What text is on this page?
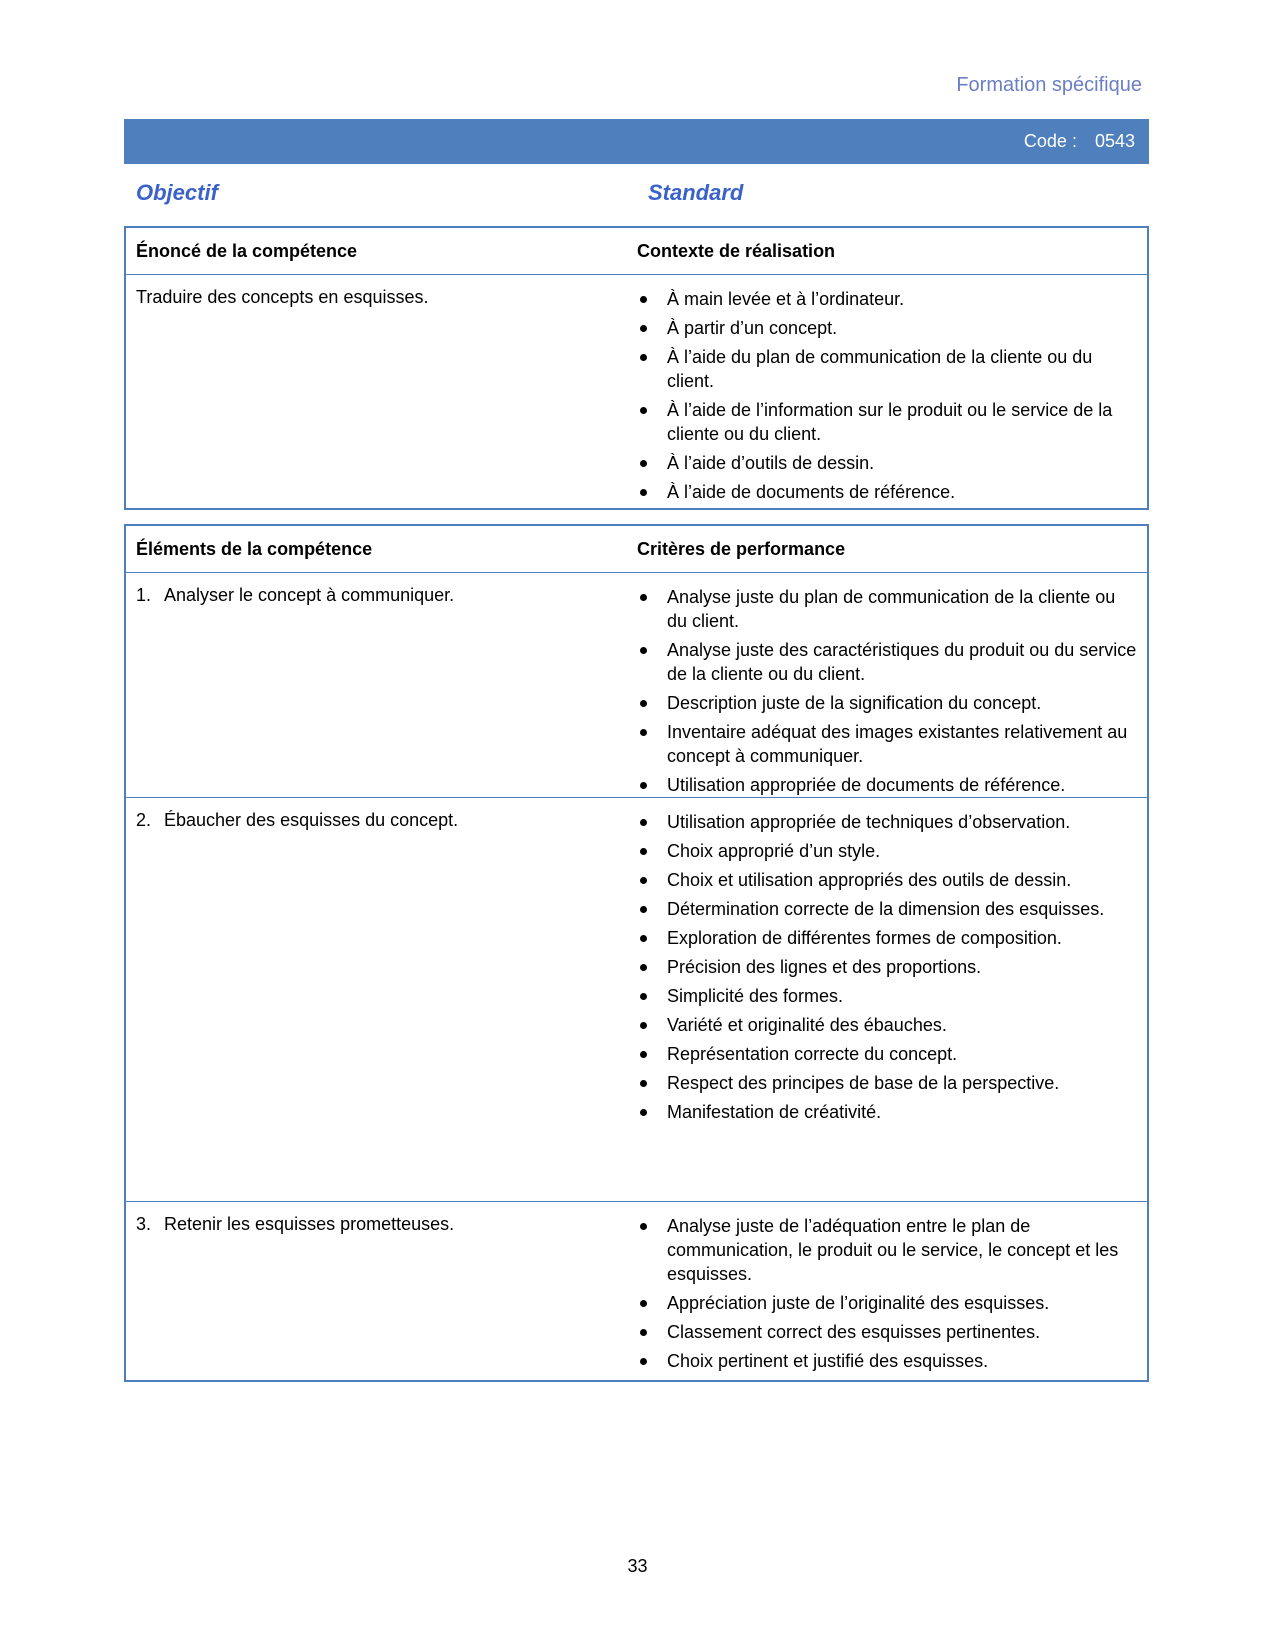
Formation spécifique
Code : 0543
Objectif	Standard
Énoncé de la compétence	Contexte de réalisation
Traduire des concepts en esquisses.	À main levée et à l’ordinateur.
À partir d’un concept.
À l’aide du plan de communication de la cliente ou du client.
À l’aide de l’information sur le produit ou le service de la cliente ou du client.
À l’aide d’outils de dessin.
À l’aide de documents de référence.
Éléments de la compétence	Critères de performance
1. Analyser le concept à communiquer.	Analyse juste du plan de communication de la cliente ou du client.
Analyse juste des caractéristiques du produit ou du service de la cliente ou du client.
Description juste de la signification du concept.
Inventaire adéquat des images existantes relativement au concept à communiquer.
Utilisation appropriée de documents de référence.
2. Ébaucher des esquisses du concept.	Utilisation appropriée de techniques d’observation.
Choix approprié d’un style.
Choix et utilisation appropriés des outils de dessin.
Détermination correcte de la dimension des esquisses.
Exploration de différentes formes de composition.
Précision des lignes et des proportions.
Simplicité des formes.
Variété et originalité des ébauches.
Représentation correcte du concept.
Respect des principes de base de la perspective.
Manifestation de créativité.
3. Retenir les esquisses prometteuses.	Analyse juste de l’adéquation entre le plan de communication, le produit ou le service, le concept et les esquisses.
Appréciation juste de l’originalité des esquisses.
Classement correct des esquisses pertinentes.
Choix pertinent et justifié des esquisses.
33
